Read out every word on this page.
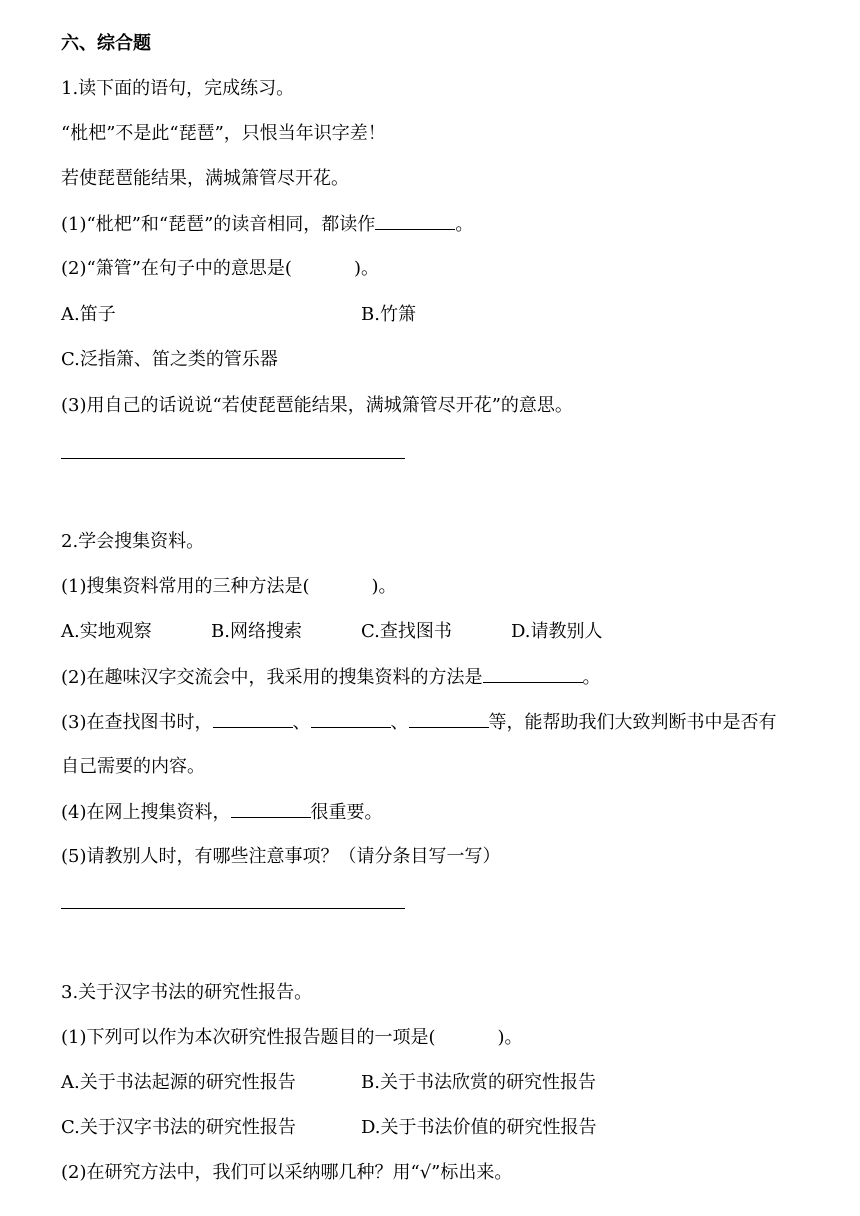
六、综合题
1.读下面的语句，完成练习。
“枇杷”不是此“琵琶”，只恨当年识字差！
若使琵琶能结果，满城箫管尽开花。
(1)“枇杷”和“琵琶”的读音相同，都读作	。
(2)“箫管”在句子中的意思是(	)。
A.笛子	B.竹箫
C.泛指箫、笛之类的管乐器
(3)用自己的话说说“若使琵琶能结果，满城箫管尽开花”的意思。
2.学会搜集资料。
(1)搜集资料常用的三种方法是(	)。
A.实地观察	B.网络搜索	C.查找图书	D.请教别人
(2)在趣味汉字交流会中，我采用的搜集资料的方法是	。
(3)在查找图书时，	、	、	等，能帮助我们大致判断书中是否有
自己需要的内容。
(4)在网上搜集资料，	很重要。
(5)请教别人时，有哪些注意事项？（请分条目写一写）
3.关于汉字书法的研究性报告。
(1)下列可以作为本次研究性报告题目的一项是(	)。
A.关于书法起源的研究性报告	B.关于书法欣赏的研究性报告
C.关于汉字书法的研究性报告	D.关于书法价值的研究性报告
(2)在研究方法中，我们可以采纳哪几种？用“√”标出来。
